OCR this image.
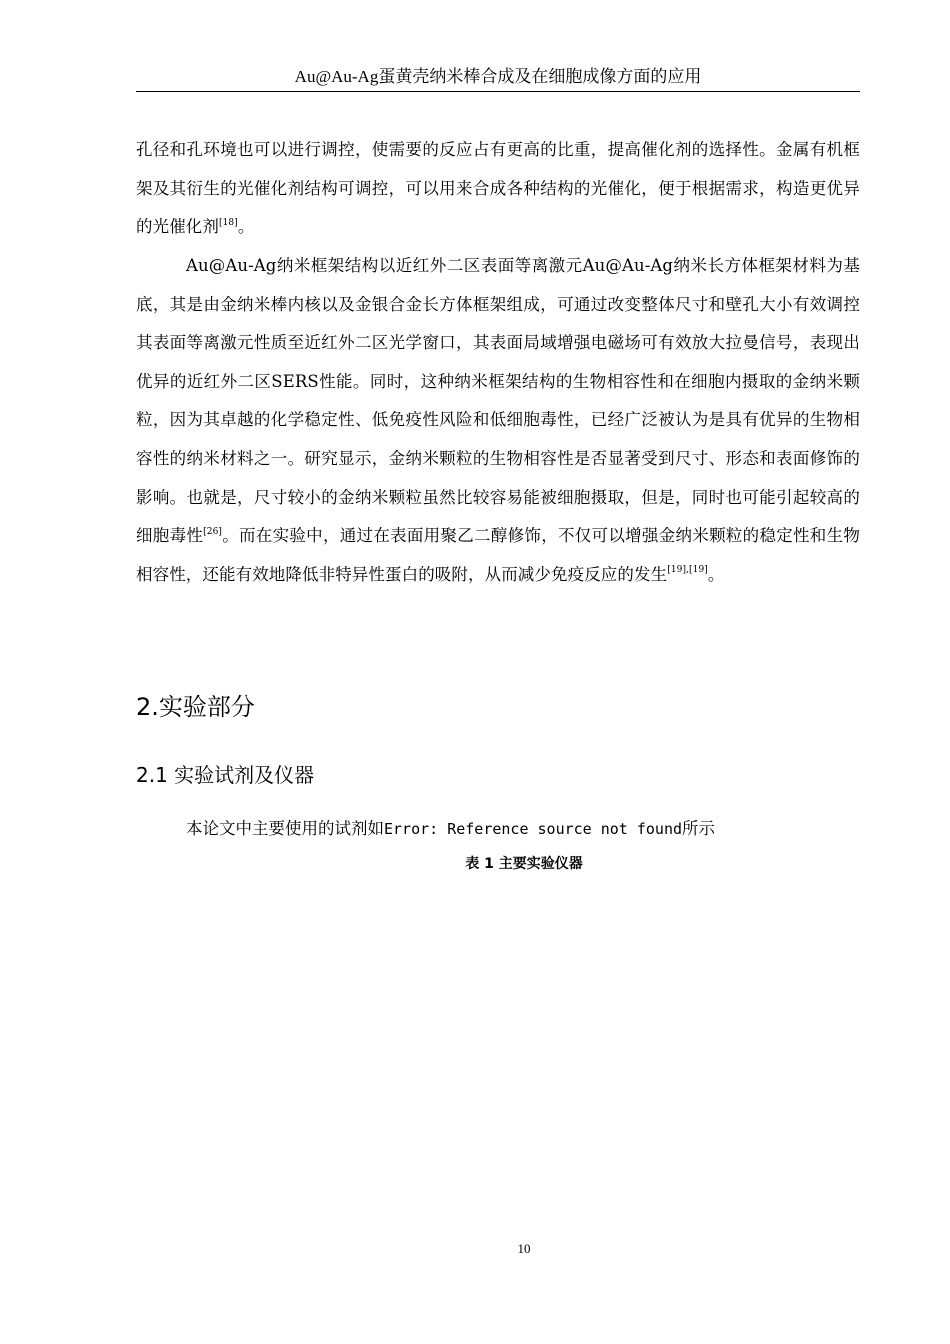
Au@Au-Ag蛋黄壳纳米棒合成及在细胞成像方面的应用
孔径和孔环境也可以进行调控，使需要的反应占有更高的比重，提高催化剂的选择性。金属有机框架及其衍生的光催化剂结构可调控，可以用来合成各种结构的光催化，便于根据需求，构造更优异的光催化剂[18]。
Au@Au-Ag纳米框架结构以近红外二区表面等离激元Au@Au-Ag纳米长方体框架材料为基底，其是由金纳米棒内核以及金银合金长方体框架组成，可通过改变整体尺寸和壁孔大小有效调控其表面等离激元性质至近红外二区光学窗口，其表面局域增强电磁场可有效放大拉曼信号，表现出优异的近红外二区SERS性能。同时，这种纳米框架结构的生物相容性和在细胞内摄取的金纳米颗粒，因为其卓越的化学稳定性、低免疫性风险和低细胞毒性，已经广泛被认为是具有优异的生物相容性的纳米材料之一。研究显示，金纳米颗粒的生物相容性是否显著受到尺寸、形态和表面修饰的影响。也就是，尺寸较小的金纳米颗粒虽然比较容易能被细胞摄取，但是，同时也可能引起较高的细胞毒性[26]。而在实验中，通过在表面用聚乙二醇修饰，不仅可以增强金纳米颗粒的稳定性和生物相容性，还能有效地降低非特异性蛋白的吸附，从而减少免疫反应的发生[19],[19]。
2.实验部分
2.1 实验试剂及仪器
本论文中主要使用的试剂如Error: Reference source not found所示
表 1 主要实验仪器
10
